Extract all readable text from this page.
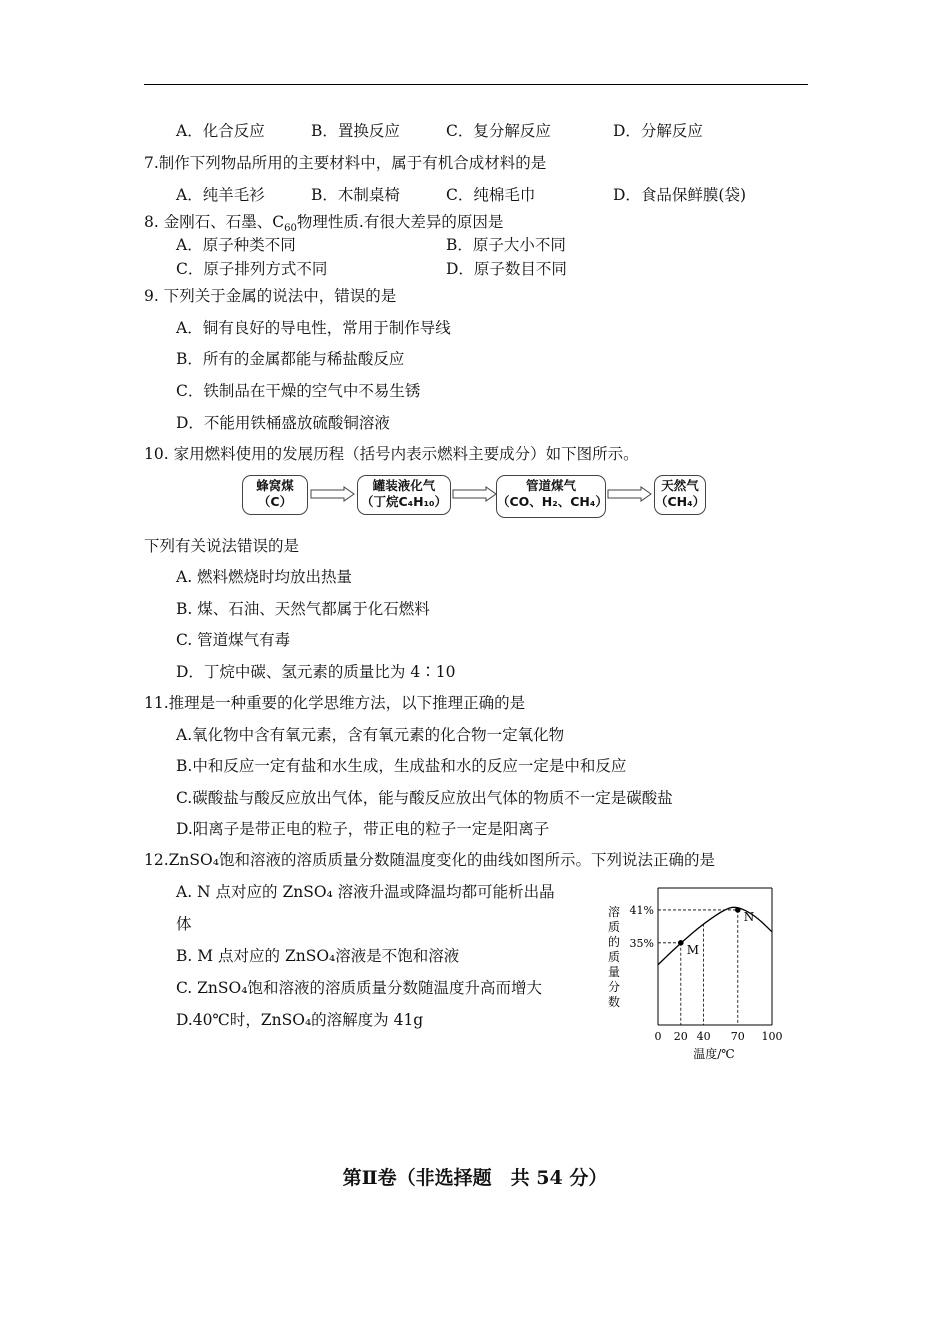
A．化合反应	B．置换反应	C．复分解反应	D．分解反应
7.制作下列物品所用的主要材料中，属于有机合成材料的是
A．纯羊毛衫	B．木制桌椅	C．纯棉毛巾	D．食品保鲜膜(袋)
8. 金刚石、石墨、$C_{60}$物理性质.有很大差异的原因是
A．原子种类不同	B．原子大小不同
C．原子排列方式不同	D．原子数目不同
9. 下列关于金属的说法中，错误的是
A．铜有良好的导电性，常用于制作导线
B．所有的金属都能与稀盐酸反应
C．铁制品在干燥的空气中不易生锈
D．不能用铁桶盛放硫酸铜溶液
10. 家用燃料使用的发展历程（括号内表示燃料主要成分）如下图所示。
蜂窝煤
（C）
罐装液化气
（丁烷C₄H₁₀）
管道煤气
（CO、H₂、CH₄）
天然气
（CH₄）
下列有关说法错误的是
A. 燃料燃烧时均放出热量
B. 煤、石油、天然气都属于化石燃料
C. 管道煤气有毒
D．丁烷中碳、氢元素的质量比为 4∶10
11.推理是一种重要的化学思维方法，以下推理正确的是
A.氧化物中含有氧元素，含有氧元素的化合物一定氧化物
B.中和反应一定有盐和水生成，生成盐和水的反应一定是中和反应
C.碳酸盐与酸反应放出气体，能与酸反应放出气体的物质不一定是碳酸盐
D.阳离子是带正电的粒子，带正电的粒子一定是阳离子
12.ZnSO₄饱和溶液的溶质质量分数随温度变化的曲线如图所示。下列说法正确的是
A. N 点对应的 ZnSO₄ 溶液升温或降温均都可能析出晶
体
B. M 点对应的 ZnSO₄溶液是不饱和溶液
C. ZnSO₄饱和溶液的溶质质量分数随温度升高而增大
D.40℃时，ZnSO₄的溶解度为 41g
溶
质
的
质
量
分
数
M
N
35%
41%
0 20 40 70 100
温度/℃
第Ⅱ卷（非选择题　共 54 分）
